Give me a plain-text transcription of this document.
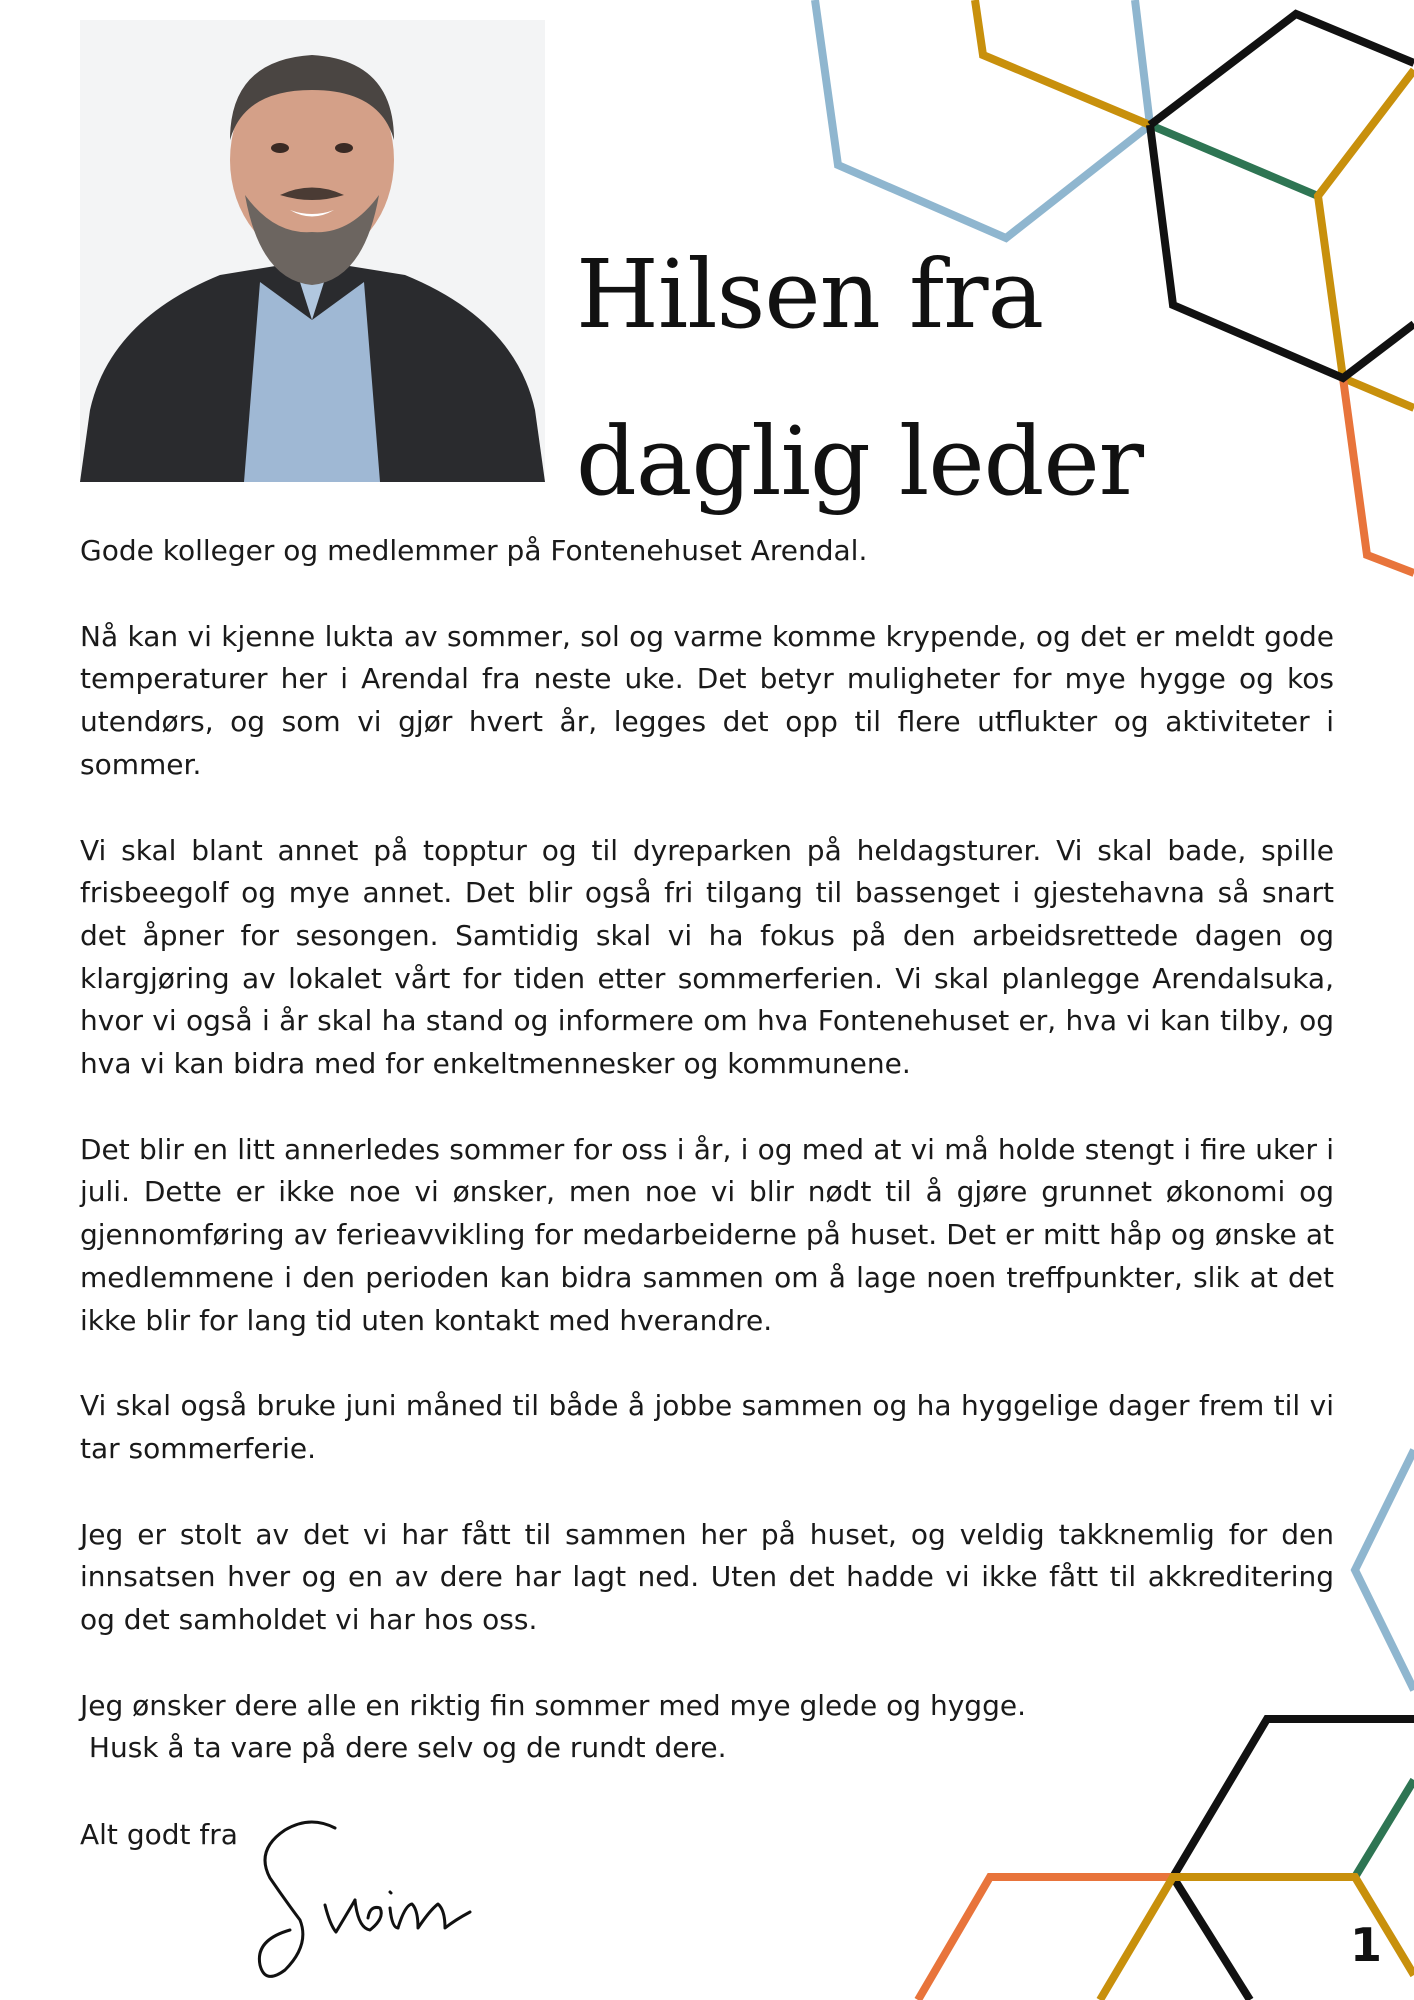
Hilsen fra
daglig leder

Gode kolleger og medlemmer på Fontenehuset Arendal.

Nå kan vi kjenne lukta av sommer, sol og varme komme krypende, og det er meldt gode temperaturer her i Arendal fra neste uke. Det betyr muligheter for mye hygge og kos utendørs, og som vi gjør hvert år, legges det opp til flere utflukter og aktiviteter i sommer.

Vi skal blant annet på topptur og til dyreparken på heldagsturer. Vi skal bade, spille frisbeegolf og mye annet. Det blir også fri tilgang til bassenget i gjestehavna så snart det åpner for sesongen. Samtidig skal vi ha fokus på den arbeidsrettede dagen og klargjøring av lokalet vårt for tiden etter sommerferien. Vi skal planlegge Arendalsuka, hvor vi også i år skal ha stand og informere om hva Fontenehuset er, hva vi kan tilby, og hva vi kan bidra med for enkeltmennesker og kommunene.

Det blir en litt annerledes sommer for oss i år, i og med at vi må holde stengt i fire uker i juli. Dette er ikke noe vi ønsker, men noe vi blir nødt til å gjøre grunnet økonomi og gjennomføring av ferieavvikling for medarbeiderne på huset. Det er mitt håp og ønske at medlemmene i den perioden kan bidra sammen om å lage noen treffpunkter, slik at det ikke blir for lang tid uten kontakt med hverandre.

Vi skal også bruke juni måned til både å jobbe sammen og ha hyggelige dager frem til vi tar sommerferie.

Jeg er stolt av det vi har fått til sammen her på huset, og veldig takknemlig for den innsatsen hver og en av dere har lagt ned. Uten det hadde vi ikke fått til akkreditering og det samholdet vi har hos oss.

Jeg ønsker dere alle en riktig fin sommer med mye glede og hygge.
Husk å ta vare på dere selv og de rundt dere.

Alt godt fra
1
